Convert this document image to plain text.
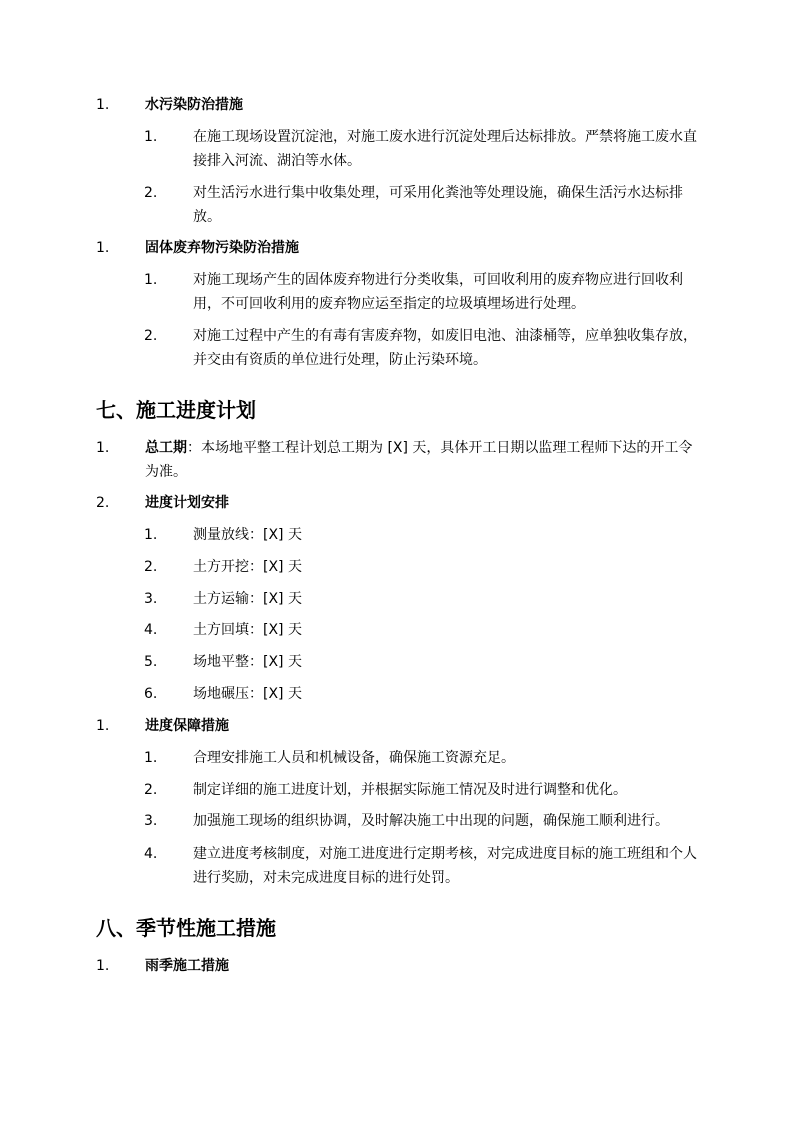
1.	水污染防治措施
1.	在施工现场设置沉淀池，对施工废水进行沉淀处理后达标排放。严禁将施工废水直接排入河流、湖泊等水体。
2.	对生活污水进行集中收集处理，可采用化粪池等处理设施，确保生活污水达标排放。
1.	固体废弃物污染防治措施
1.	对施工现场产生的固体废弃物进行分类收集，可回收利用的废弃物应进行回收利用，不可回收利用的废弃物应运至指定的垃圾填埋场进行处理。
2.	对施工过程中产生的有毒有害废弃物，如废旧电池、油漆桶等，应单独收集存放，并交由有资质的单位进行处理，防止污染环境。
七、施工进度计划
1.	总工期：本场地平整工程计划总工期为 [X] 天，具体开工日期以监理工程师下达的开工令为准。
2.	进度计划安排
1.	测量放线：[X] 天
2.	土方开挖：[X] 天
3.	土方运输：[X] 天
4.	土方回填：[X] 天
5.	场地平整：[X] 天
6.	场地碾压：[X] 天
1.	进度保障措施
1.	合理安排施工人员和机械设备，确保施工资源充足。
2.	制定详细的施工进度计划，并根据实际施工情况及时进行调整和优化。
3.	加强施工现场的组织协调，及时解决施工中出现的问题，确保施工顺利进行。
4.	建立进度考核制度，对施工进度进行定期考核，对完成进度目标的施工班组和个人进行奖励，对未完成进度目标的进行处罚。
八、季节性施工措施
1.	雨季施工措施
